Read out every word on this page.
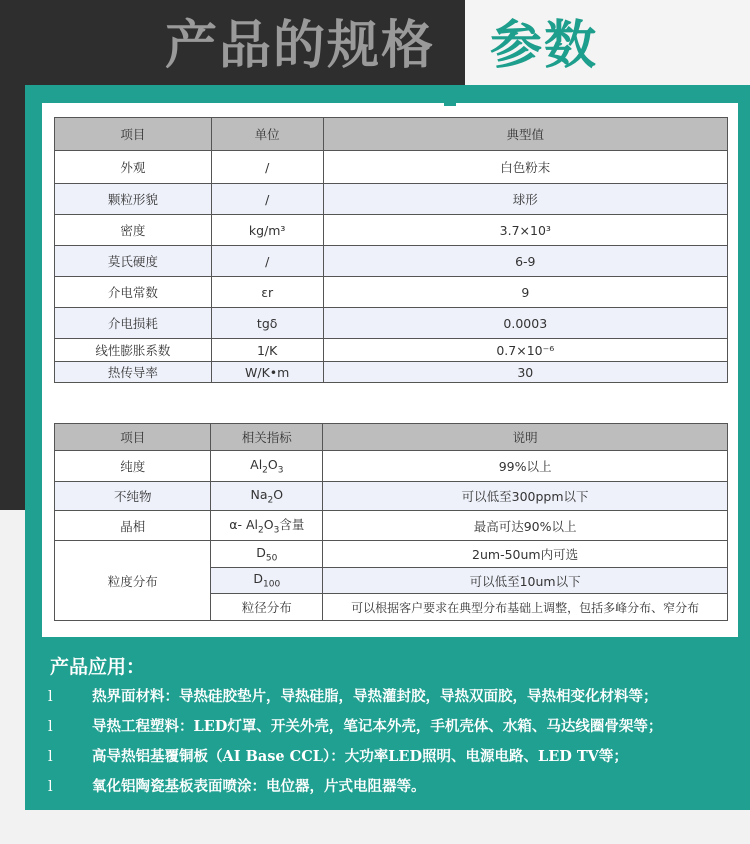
产品的规格 参数
项目	单位	典型值
外观	/	白色粉末
颗粒形貌	/	球形
密度	kg/m³	3.7×10³
莫氏硬度	/	6-9
介电常数	εr	9
介电损耗	tgδ	0.0003
线性膨胀系数	1/K	0.7×10⁻⁶
热传导率	W/K•m	30
项目	相关指标	说明
纯度	$Al_2O_3$	99%以上
不纯物	$Na_2O$	可以低至300ppm以下
晶相	α- $Al_2O_3$含量	最高可达90%以上
粒度分布	$D_{50}$	2um-50um内可选
	$D_{100}$	可以低至10um以下
	粒径分布	可以根据客户要求在典型分布基础上调整，包括多峰分布、窄分布
产品应用：
l	热界面材料：导热硅胶垫片，导热硅脂，导热灌封胶，导热双面胶，导热相变化材料等；
l	导热工程塑料：LED灯罩、开关外壳，笔记本外壳，手机壳体、水箱、马达线圈骨架等；
l	高导热铝基覆铜板（AI Base CCL）：大功率LED照明、电源电路、LED TV等；
l	氧化铝陶瓷基板表面喷涂：电位器，片式电阻器等。
